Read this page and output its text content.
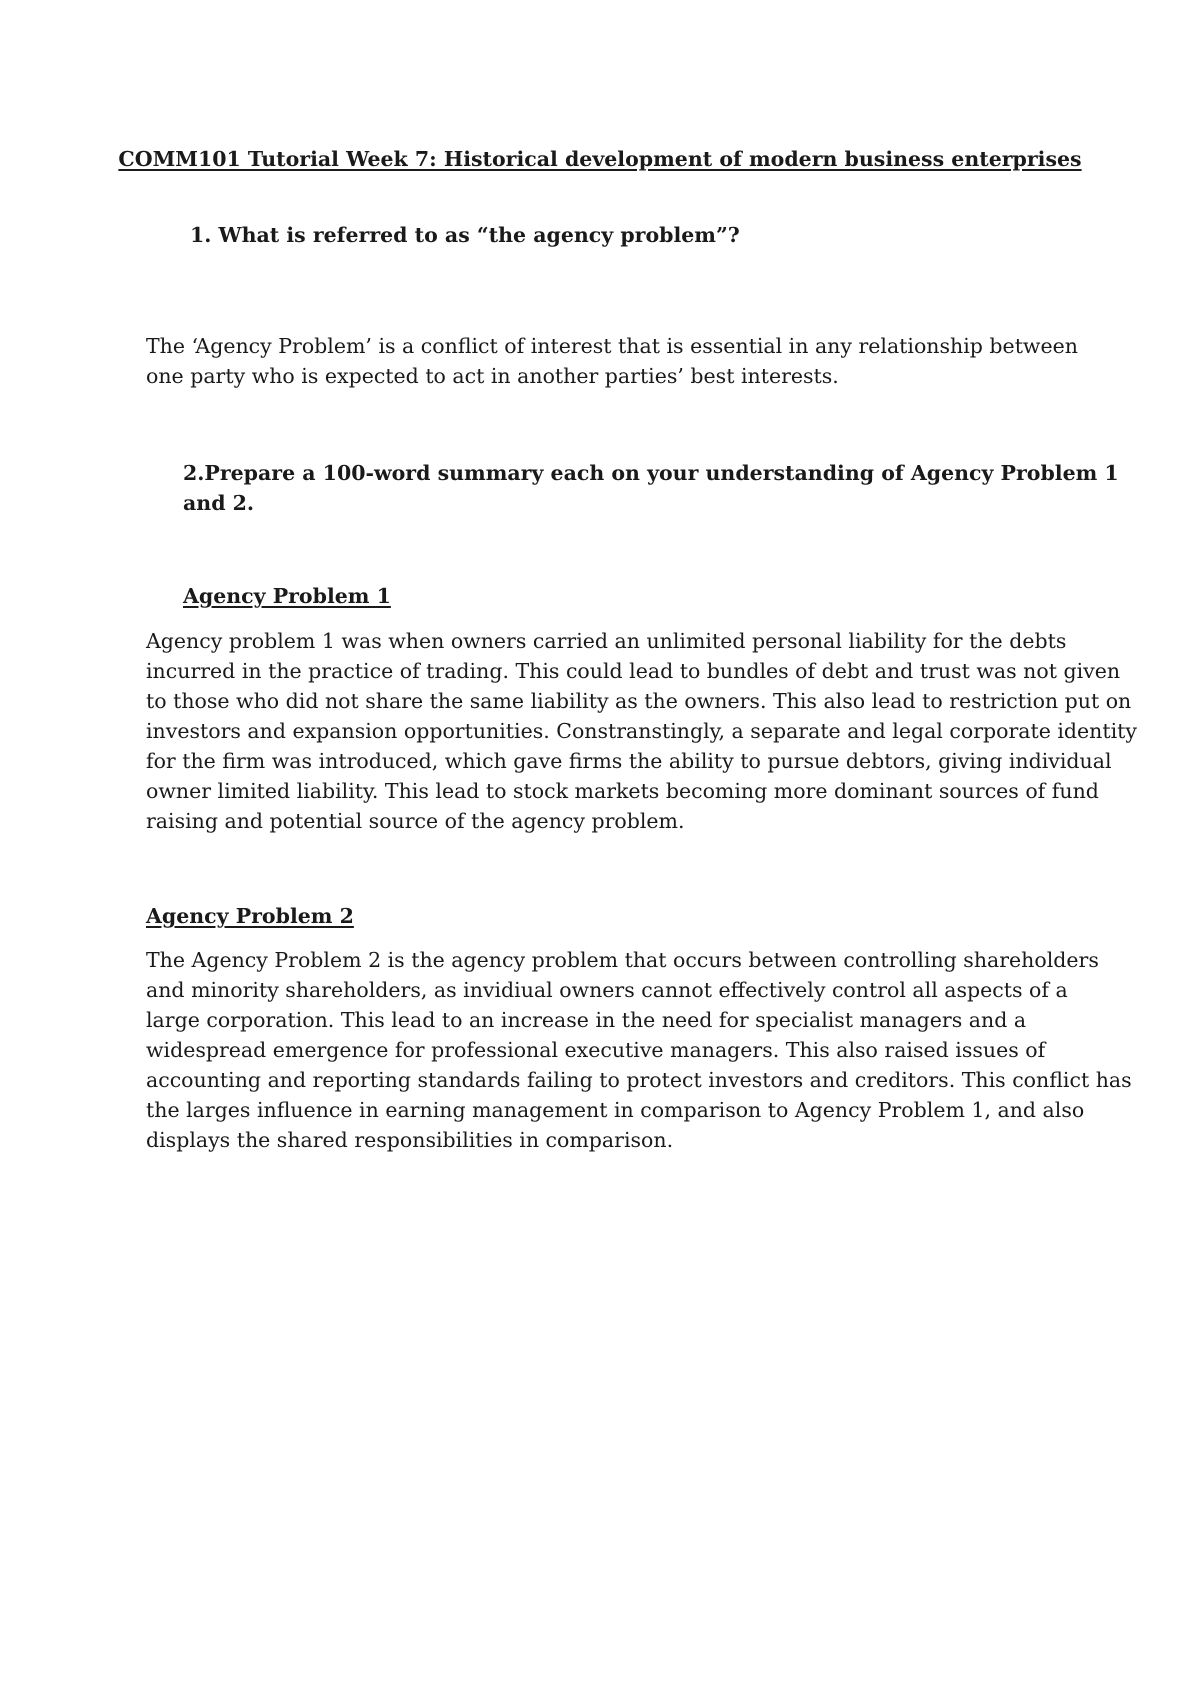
COMM101 Tutorial Week 7: Historical development of modern business enterprises
1. What is referred to as “the agency problem”?
The ‘Agency Problem’ is a conflict of interest that is essential in any relationship between
one party who is expected to act in another parties’ best interests.
2. Prepare a 100-word summary each on your understanding of Agency Problem 1
and 2.
Agency Problem 1
Agency problem 1 was when owners carried an unlimited personal liability for the debts
incurred in the practice of trading. This could lead to bundles of debt and trust was not given
to those who did not share the same liability as the owners. This also lead to restriction put on
investors and expansion opportunities. Constranstingly, a separate and legal corporate identity
for the firm was introduced, which gave firms the ability to pursue debtors, giving individual
owner limited liability. This lead to stock markets becoming more dominant sources of fund
raising and potential source of the agency problem.
Agency Problem 2
The Agency Problem 2 is the agency problem that occurs between controlling shareholders
and minority shareholders, as invidiual owners cannot effectively control all aspects of a
large corporation. This lead to an increase in the need for specialist managers and a
widespread emergence for professional executive managers. This also raised issues of
accounting and reporting standards failing to protect investors and creditors. This conflict has
the larges influence in earning management in comparison to Agency Problem 1, and also
displays the shared responsibilities in comparison.
